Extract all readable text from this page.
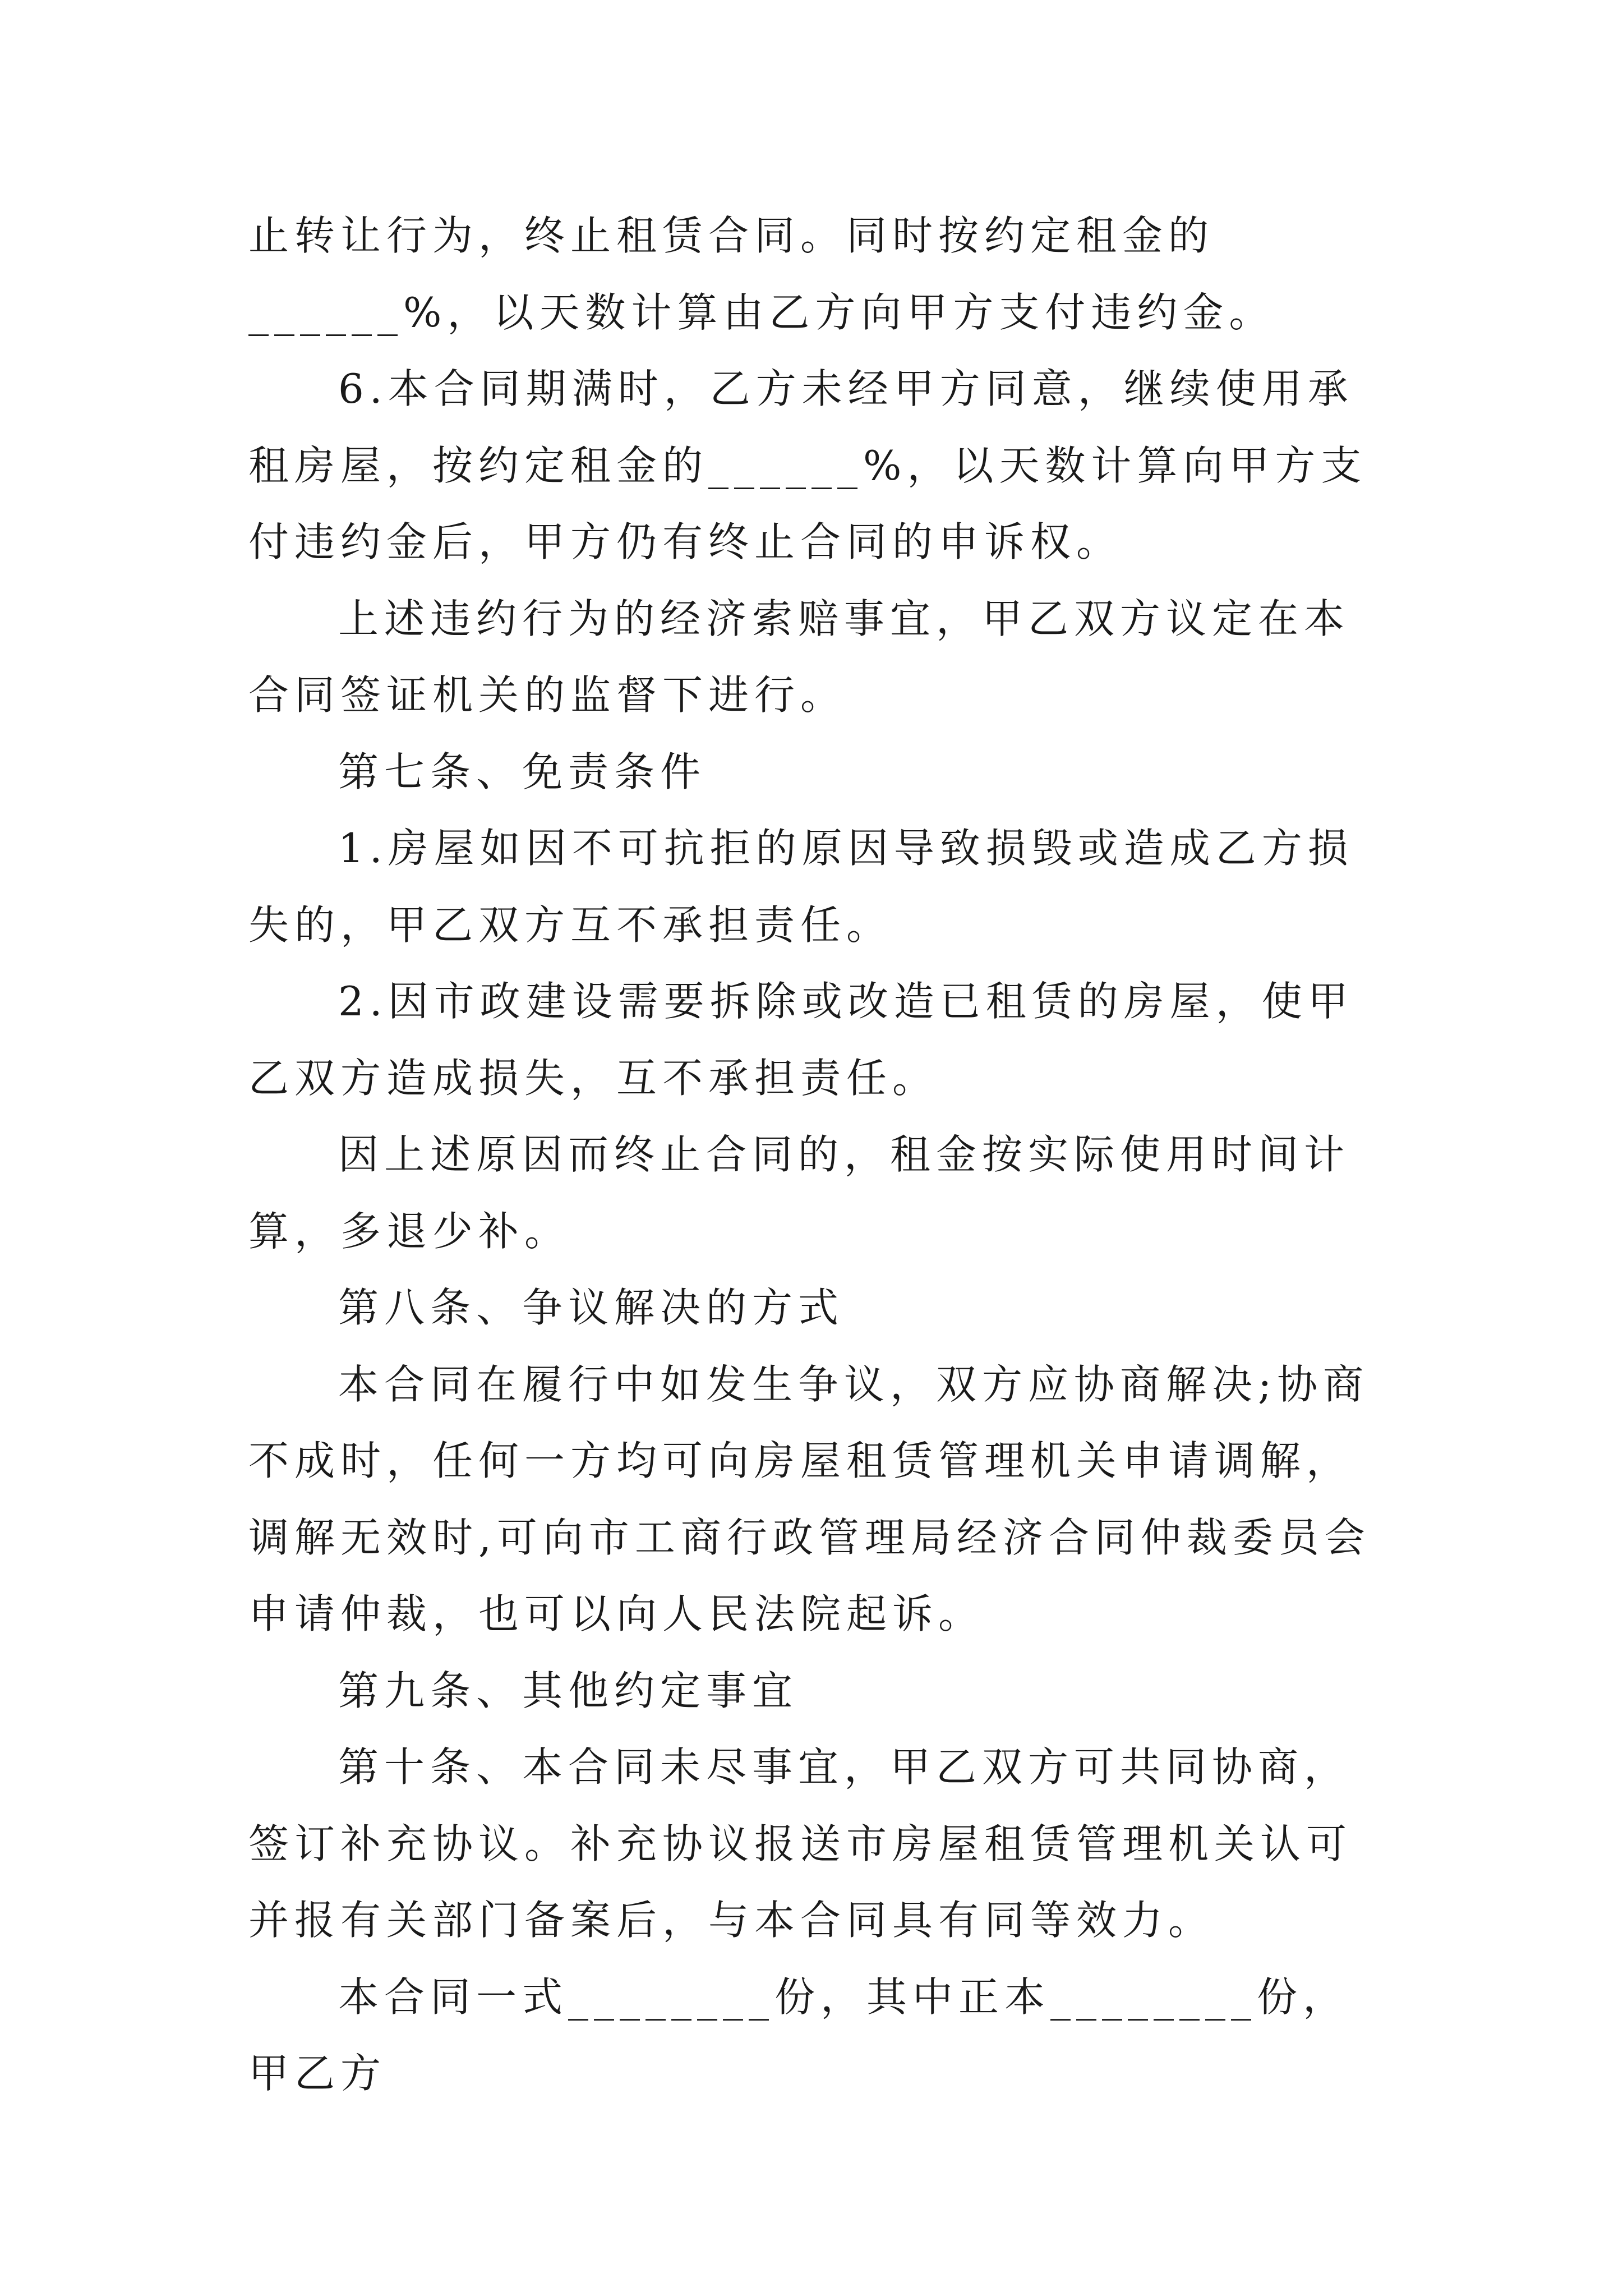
止转让行为，终止租赁合同。同时按约定租金的______%，以天数计算由乙方向甲方支付违约金。

6.本合同期满时，乙方未经甲方同意，继续使用承租房屋，按约定租金的______%，以天数计算向甲方支付违约金后，甲方仍有终止合同的申诉权。

上述违约行为的经济索赔事宜，甲乙双方议定在本合同签证机关的监督下进行。

第七条、免责条件

1.房屋如因不可抗拒的原因导致损毁或造成乙方损失的，甲乙双方互不承担责任。

2.因市政建设需要拆除或改造已租赁的房屋，使甲乙双方造成损失，互不承担责任。

因上述原因而终止合同的，租金按实际使用时间计算，多退少补。

第八条、争议解决的方式

本合同在履行中如发生争议，双方应协商解决;协商不成时，任何一方均可向房屋租赁管理机关申请调解，调解无效时,可向市工商行政管理局经济合同仲裁委员会申请仲裁，也可以向人民法院起诉。

第九条、其他约定事宜

第十条、本合同未尽事宜，甲乙双方可共同协商，签订补充协议。补充协议报送市房屋租赁管理机关认可并报有关部门备案后，与本合同具有同等效力。

本合同一式________份，其中正本________份，甲乙方
